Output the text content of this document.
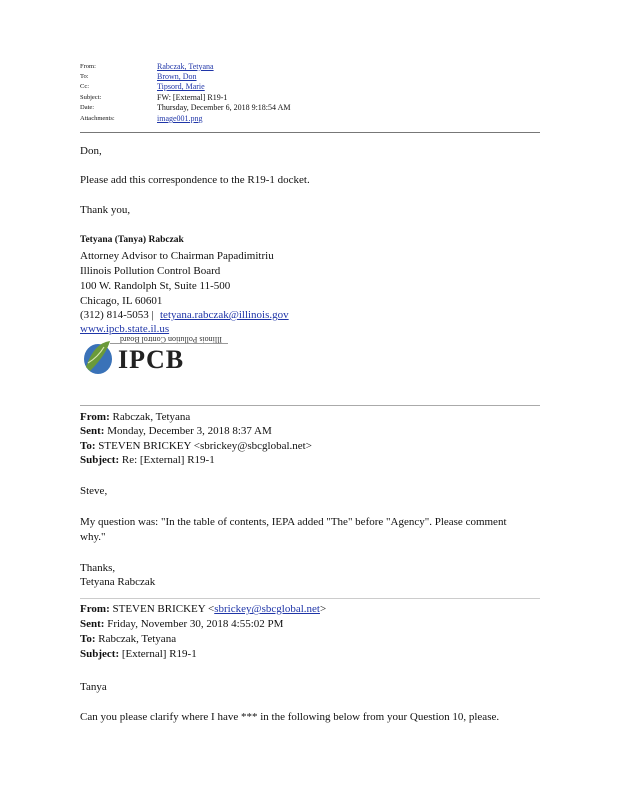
From:	Rabczak, Tetyana
To:	Brown, Don
Cc:	Tipsord, Marie
Subject:	FW: [External] R19-1
Date:	Thursday, December 6, 2018 9:18:54 AM
Attachments:	image001.png
Don,
Please add this correspondence to the R19-1 docket.
Thank you,
Tetyana (Tanya) Rabczak
Attorney Advisor to Chairman Papadimitriu
Illinois Pollution Control Board
100 W. Randolph St, Suite 11-500
Chicago, IL 60601
(312) 814-5053 | tetyana.rabczak@illinois.gov
www.ipcb.state.il.us
Illinois Pollution Control Board
IPCB
From: Rabczak, Tetyana
Sent: Monday, December 3, 2018 8:37 AM
To: STEVEN BRICKEY <sbrickey@sbcglobal.net>
Subject: Re: [External] R19-1
Steve,
My question was: "In the table of contents, IEPA added "The" before "Agency". Please comment
why."
Thanks,
Tetyana Rabczak
From: STEVEN BRICKEY <sbrickey@sbcglobal.net>
Sent: Friday, November 30, 2018 4:55:02 PM
To: Rabczak, Tetyana
Subject: [External] R19-1
Tanya
Can you please clarify where I have *** in the following below from your Question 10, please.
